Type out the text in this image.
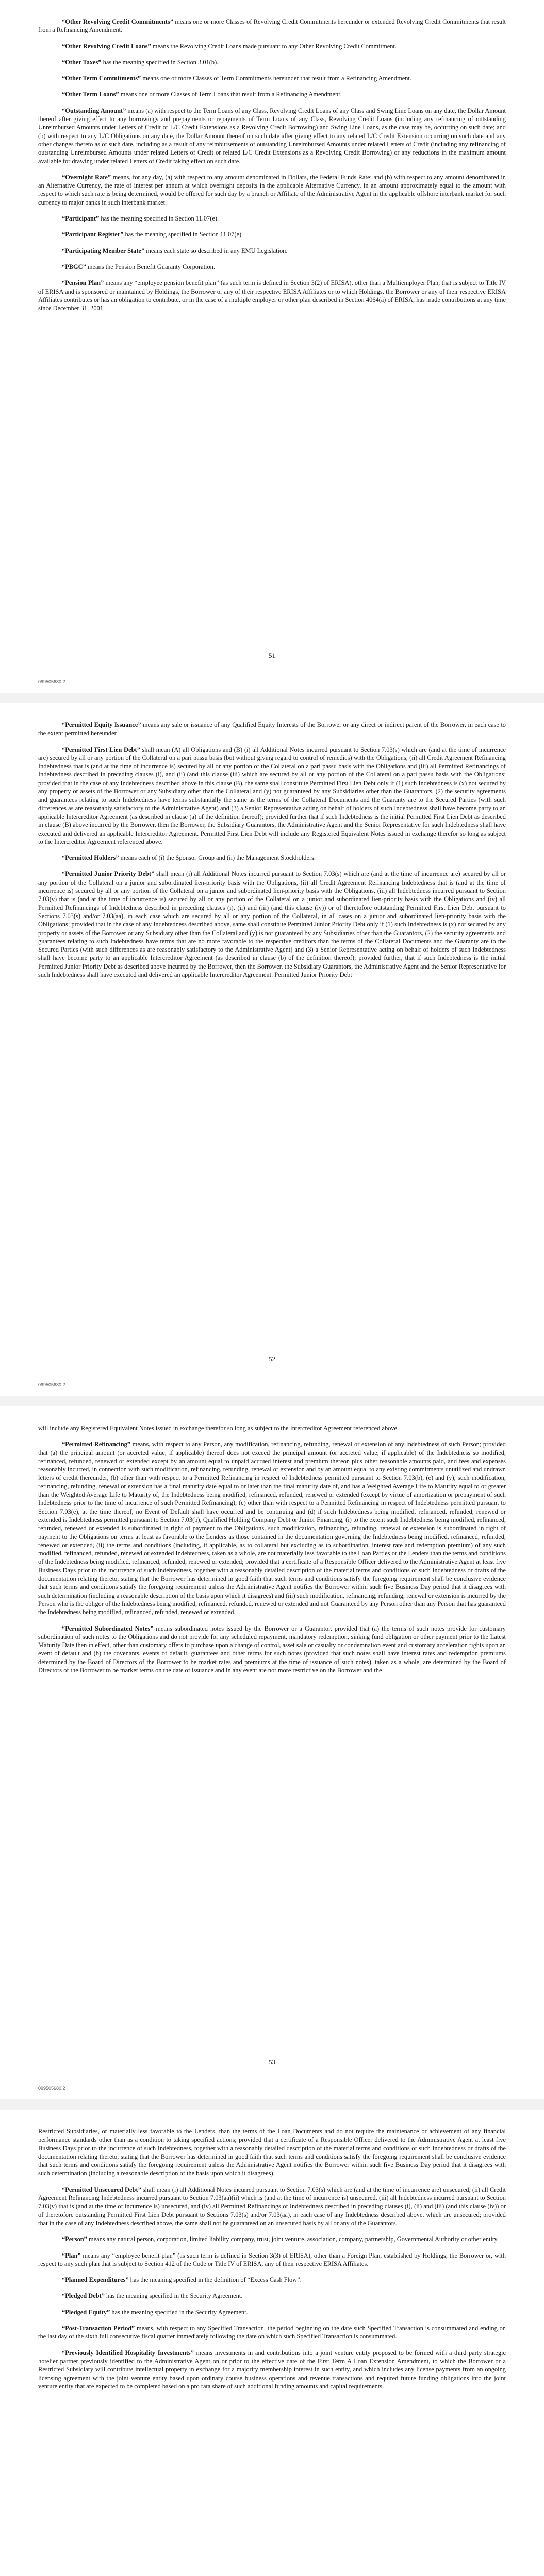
“Other Revolving Credit Commitments” means one or more Classes of Revolving Credit Commitments hereunder or extended Revolving Credit Commitments that result from a Refinancing Amendment.

“Other Revolving Credit Loans” means the Revolving Credit Loans made pursuant to any Other Revolving Credit Commitment.

“Other Taxes” has the meaning specified in Section 3.01(b).

“Other Term Commitments” means one or more Classes of Term Commitments hereunder that result from a Refinancing Amendment.

“Other Term Loans” means one or more Classes of Term Loans that result from a Refinancing Amendment.

“Outstanding Amount” means (a) with respect to the Term Loans of any Class, Revolving Credit Loans of any Class and Swing Line Loans on any date, the Dollar Amount thereof after giving effect to any borrowings and prepayments or repayments of Term Loans of any Class, Revolving Credit Loans (including any refinancing of outstanding Unreimbursed Amounts under Letters of Credit or L/C Credit Extensions as a Revolving Credit Borrowing) and Swing Line Loans, as the case may be, occurring on such date; and (b) with respect to any L/C Obligations on any date, the Dollar Amount thereof on such date after giving effect to any related L/C Credit Extension occurring on such date and any other changes thereto as of such date, including as a result of any reimbursements of outstanding Unreimbursed Amounts under related Letters of Credit (including any refinancing of outstanding Unreimbursed Amounts under related Letters of Credit or related L/C Credit Extensions as a Revolving Credit Borrowing) or any reductions in the maximum amount available for drawing under related Letters of Credit taking effect on such date.

“Overnight Rate” means, for any day, (a) with respect to any amount denominated in Dollars, the Federal Funds Rate; and (b) with respect to any amount denominated in an Alternative Currency, the rate of interest per annum at which overnight deposits in the applicable Alternative Currency, in an amount approximately equal to the amount with respect to which such rate is being determined, would be offered for such day by a branch or Affiliate of the Administrative Agent in the applicable offshore interbank market for such currency to major banks in such interbank market.

“Participant” has the meaning specified in Section 11.07(e).

“Participant Register” has the meaning specified in Section 11.07(e).

“Participating Member State” means each state so described in any EMU Legislation.

“PBGC” means the Pension Benefit Guaranty Corporation.

“Pension Plan” means any “employee pension benefit plan” (as such term is defined in Section 3(2) of ERISA), other than a Multiemployer Plan, that is subject to Title IV of ERISA and is sponsored or maintained by Holdings, the Borrower or any of their respective ERISA Affiliates or to which Holdings, the Borrower or any of their respective ERISA Affiliates contributes or has an obligation to contribute, or in the case of a multiple employer or other plan described in Section 4064(a) of ERISA, has made contributions at any time since December 31, 2001.

51
099505680.2

“Permitted Equity Issuance” means any sale or issuance of any Qualified Equity Interests of the Borrower or any direct or indirect parent of the Borrower, in each case to the extent permitted hereunder.

“Permitted First Lien Debt” shall mean (A) all Obligations and (B) (i) all Additional Notes incurred pursuant to Section 7.03(s) which are (and at the time of incurrence are) secured by all or any portion of the Collateral on a pari passu basis (but without giving regard to control of remedies) with the Obligations, (ii) all Credit Agreement Refinancing Indebtedness that is (and at the time of incurrence is) secured by all or any portion of the Collateral on a pari passu basis with the Obligations and (iii) all Permitted Refinancings of Indebtedness described in preceding clauses (i), and (ii) (and this clause (iii) which are secured by all or any portion of the Collateral on a pari passu basis with the Obligations; provided that in the case of any Indebtedness described above in this clause (B), the same shall constitute Permitted First Lien Debt only if (1) such Indebtedness is (x) not secured by any property or assets of the Borrower or any Subsidiary other than the Collateral and (y) not guaranteed by any Subsidiaries other than the Guarantors, (2) the security agreements and guarantees relating to such Indebtedness have terms substantially the same as the terms of the Collateral Documents and the Guaranty are to the Secured Parties (with such differences as are reasonably satisfactory to the Administrative Agent) and (3) a Senior Representative acting on behalf of holders of such Indebtedness shall have become party to an applicable Intercreditor Agreement (as described in clause (a) of the definition thereof); provided further that if such Indebtedness is the initial Permitted First Lien Debt as described in clause (B) above incurred by the Borrower, then the Borrower, the Subsidiary Guarantors, the Administrative Agent and the Senior Representative for such Indebtedness shall have executed and delivered an applicable Intercreditor Agreement. Permitted First Lien Debt will include any Registered Equivalent Notes issued in exchange therefor so long as subject to the Intercreditor Agreement referenced above.

“Permitted Holders” means each of (i) the Sponsor Group and (ii) the Management Stockholders.

“Permitted Junior Priority Debt” shall mean (i) all Additional Notes incurred pursuant to Section 7.03(s) which are (and at the time of incurrence are) secured by all or any portion of the Collateral on a junior and subordinated lien-priority basis with the Obligations, (ii) all Credit Agreement Refinancing Indebtedness that is (and at the time of incurrence is) secured by all or any portion of the Collateral on a junior and subordinated lien-priority basis with the Obligations, (iii) all Indebtedness incurred pursuant to Section 7.03(v) that is (and at the time of incurrence is) secured by all or any portion of the Collateral on a junior and subordinated lien-priority basis with the Obligations and (iv) all Permitted Refinancings of Indebtedness described in preceding clauses (i), (ii) and (iii) (and this clause (iv)) or of theretofore outstanding Permitted First Lien Debt pursuant to Sections 7.03(s) and/or 7.03(aa), in each case which are secured by all or any portion of the Collateral, in all cases on a junior and subordinated lien-priority basis with the Obligations; provided that in the case of any Indebtedness described above, same shall constitute Permitted Junior Priority Debt only if (1) such Indebtedness is (x) not secured by any property or assets of the Borrower or any Subsidiary other than the Collateral and (y) is not guaranteed by any Subsidiaries other than the Guarantors, (2) the security agreements and guarantees relating to such Indebtedness have terms that are no more favorable to the respective creditors than the terms of the Collateral Documents and the Guaranty are to the Secured Parties (with such differences as are reasonably satisfactory to the Administrative Agent) and (3) a Senior Representative acting on behalf of holders of such Indebtedness shall have become party to an applicable Intercreditor Agreement (as described in clause (b) of the definition thereof); provided further, that if such Indebtedness is the initial Permitted Junior Priority Debt as described above incurred by the Borrower, then the Borrower, the Subsidiary Guarantors, the Administrative Agent and the Senior Representative for such Indebtedness shall have executed and delivered an applicable Intercreditor Agreement. Permitted Junior Priority Debt

52
099505680.2

will include any Registered Equivalent Notes issued in exchange therefor so long as subject to the Intercreditor Agreement referenced above.

“Permitted Refinancing” means, with respect to any Person, any modification, refinancing, refunding, renewal or extension of any Indebtedness of such Person; provided that (a) the principal amount (or accreted value, if applicable) thereof does not exceed the principal amount (or accreted value, if applicable) of the Indebtedness so modified, refinanced, refunded, renewed or extended except by an amount equal to unpaid accrued interest and premium thereon plus other reasonable amounts paid, and fees and expenses reasonably incurred, in connection with such modification, refinancing, refunding, renewal or extension and by an amount equal to any existing commitments unutilized and undrawn letters of credit thereunder, (b) other than with respect to a Permitted Refinancing in respect of Indebtedness permitted pursuant to Section 7.03(b), (e) and (y), such modification, refinancing, refunding, renewal or extension has a final maturity date equal to or later than the final maturity date of, and has a Weighted Average Life to Maturity equal to or greater than the Weighted Average Life to Maturity of, the Indebtedness being modified, refinanced, refunded, renewed or extended (except by virtue of amortization or prepayment of such Indebtedness prior to the time of incurrence of such Permitted Refinancing), (c) other than with respect to a Permitted Refinancing in respect of Indebtedness permitted pursuant to Section 7.03(e), at the time thereof, no Event of Default shall have occurred and be continuing and (d) if such Indebtedness being modified, refinanced, refunded, renewed or extended is Indebtedness permitted pursuant to Section 7.03(b), Qualified Holding Company Debt or Junior Financing, (i) to the extent such Indebtedness being modified, refinanced, refunded, renewed or extended is subordinated in right of payment to the Obligations, such modification, refinancing, refunding, renewal or extension is subordinated in right of payment to the Obligations on terms at least as favorable to the Lenders as those contained in the documentation governing the Indebtedness being modified, refinanced, refunded, renewed or extended, (ii) the terms and conditions (including, if applicable, as to collateral but excluding as to subordination, interest rate and redemption premium) of any such modified, refinanced, refunded, renewed or extended Indebtedness, taken as a whole, are not materially less favorable to the Loan Parties or the Lenders than the terms and conditions of the Indebtedness being modified, refinanced, refunded, renewed or extended; provided that a certificate of a Responsible Officer delivered to the Administrative Agent at least five Business Days prior to the incurrence of such Indebtedness, together with a reasonably detailed description of the material terms and conditions of such Indebtedness or drafts of the documentation relating thereto, stating that the Borrower has determined in good faith that such terms and conditions satisfy the foregoing requirement shall be conclusive evidence that such terms and conditions satisfy the foregoing requirement unless the Administrative Agent notifies the Borrower within such five Business Day period that it disagrees with such determination (including a reasonable description of the basis upon which it disagrees) and (iii) such modification, refinancing, refunding, renewal or extension is incurred by the Person who is the obligor of the Indebtedness being modified, refinanced, refunded, renewed or extended and not Guaranteed by any Person other than any Person that has guaranteed the Indebtedness being modified, refinanced, refunded, renewed or extended.

“Permitted Subordinated Notes” means subordinated notes issued by the Borrower or a Guarantor, provided that (a) the terms of such notes provide for customary subordination of such notes to the Obligations and do not provide for any scheduled repayment, mandatory redemption, sinking fund obligation or other payment prior to the Latest Maturity Date then in effect, other than customary offers to purchase upon a change of control, asset sale or casualty or condemnation event and customary acceleration rights upon an event of default and (b) the covenants, events of default, guarantees and other terms for such notes (provided that such notes shall have interest rates and redemption premiums determined by the Board of Directors of the Borrower to be market rates and premiums at the time of issuance of such notes), taken as a whole, are determined by the Board of Directors of the Borrower to be market terms on the date of issuance and in any event are not more restrictive on the Borrower and the

53
099505680.2

Restricted Subsidiaries, or materially less favorable to the Lenders, than the terms of the Loan Documents and do not require the maintenance or achievement of any financial performance standards other than as a condition to taking specified actions; provided that a certificate of a Responsible Officer delivered to the Administrative Agent at least five Business Days prior to the incurrence of such Indebtedness, together with a reasonably detailed description of the material terms and conditions of such Indebtedness or drafts of the documentation relating thereto, stating that the Borrower has determined in good faith that such terms and conditions satisfy the foregoing requirement shall be conclusive evidence that such terms and conditions satisfy the foregoing requirement unless the Administrative Agent notifies the Borrower within such five Business Day period that it disagrees with such determination (including a reasonable description of the basis upon which it disagrees).

“Permitted Unsecured Debt” shall mean (i) all Additional Notes incurred pursuant to Section 7.03(s) which are (and at the time of incurrence are) unsecured, (ii) all Credit Agreement Refinancing Indebtedness incurred pursuant to Section 7.03(aa)(ii) which is (and at the time of incurrence is) unsecured, (iii) all Indebtedness incurred pursuant to Section 7.03(v) that is (and at the time of incurrence is) unsecured, and (iv) all Permitted Refinancings of Indebtedness described in preceding clauses (i), (ii) and (iii) (and this clause (iv)) or of theretofore outstanding Permitted First Lien Debt pursuant to Sections 7.03(s) and/or 7.03(aa), in each case of any Indebtedness described above, which are unsecured; provided that in the case of any Indebtedness described above, the same shall not be guaranteed on an unsecured basis by all or any of the Guarantors.

“Person” means any natural person, corporation, limited liability company, trust, joint venture, association, company, partnership, Governmental Authority or other entity.

“Plan” means any “employee benefit plan” (as such term is defined in Section 3(3) of ERISA), other than a Foreign Plan, established by Holdings, the Borrower or, with respect to any such plan that is subject to Section 412 of the Code or Title IV of ERISA, any of their respective ERISA Affiliates.

“Planned Expenditures” has the meaning specified in the definition of “Excess Cash Flow”.

“Pledged Debt” has the meaning specified in the Security Agreement.

“Pledged Equity” has the meaning specified in the Security Agreement.

“Post-Transaction Period” means, with respect to any Specified Transaction, the period beginning on the date such Specified Transaction is consummated and ending on the last day of the sixth full consecutive fiscal quarter immediately following the date on which such Specified Transaction is consummated.

“Previously Identified Hospitality Investments” means investments in and contributions into a joint venture entity proposed to be formed with a third party strategic hotelier partner previously identified to the Administrative Agent on or prior to the effective date of the First Term A Loan Extension Amendment, to which the Borrower or a Restricted Subsidiary will contribute intellectual property in exchange for a majority membership interest in such entity, and which includes any license payments from an ongoing licensing agreement with the joint venture entity based upon ordinary course business operations and revenue transactions and required future funding obligations into the joint venture entity that are expected to be completed based on a pro rata share of such additional funding amounts and capital requirements.
